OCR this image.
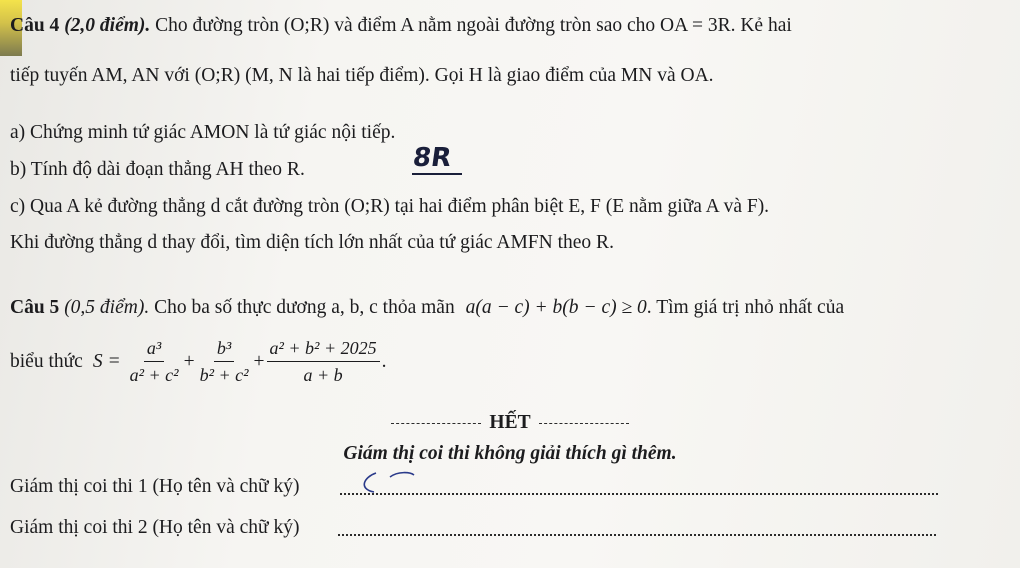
Câu 4 (2,0 điểm). Cho đường tròn (O;R) và điểm A nằm ngoài đường tròn sao cho OA = 3R. Kẻ hai
tiếp tuyến AM, AN với (O;R) (M, N là hai tiếp điểm). Gọi H là giao điểm của MN và OA.
a) Chứng minh tứ giác AMON là tứ giác nội tiếp.
b) Tính độ dài đoạn thẳng AH theo R.	8R
c) Qua A kẻ đường thẳng d cắt đường tròn (O;R) tại hai điểm phân biệt E, F (E nằm giữa A và F).
Khi đường thẳng d thay đổi, tìm diện tích lớn nhất của tứ giác AMFN theo R.
Câu 5 (0,5 điểm). Cho ba số thực dương a, b, c thỏa mãn a(a − c) + b(b − c) ≥ 0. Tìm giá trị nhỏ nhất của
biểu thức $S = \frac{\text{a³}}{\text{a² + c²}} + \frac{\text{b³}}{\text{b² + c²}} + \frac{\text{a² + b² + 2025}}{a + b}$ .
HẾT
Giám thị coi thi không giải thích gì thêm.
Giám thị coi thi 1 (Họ tên và chữ ký)
Giám thị coi thi 2 (Họ tên và chữ ký)
